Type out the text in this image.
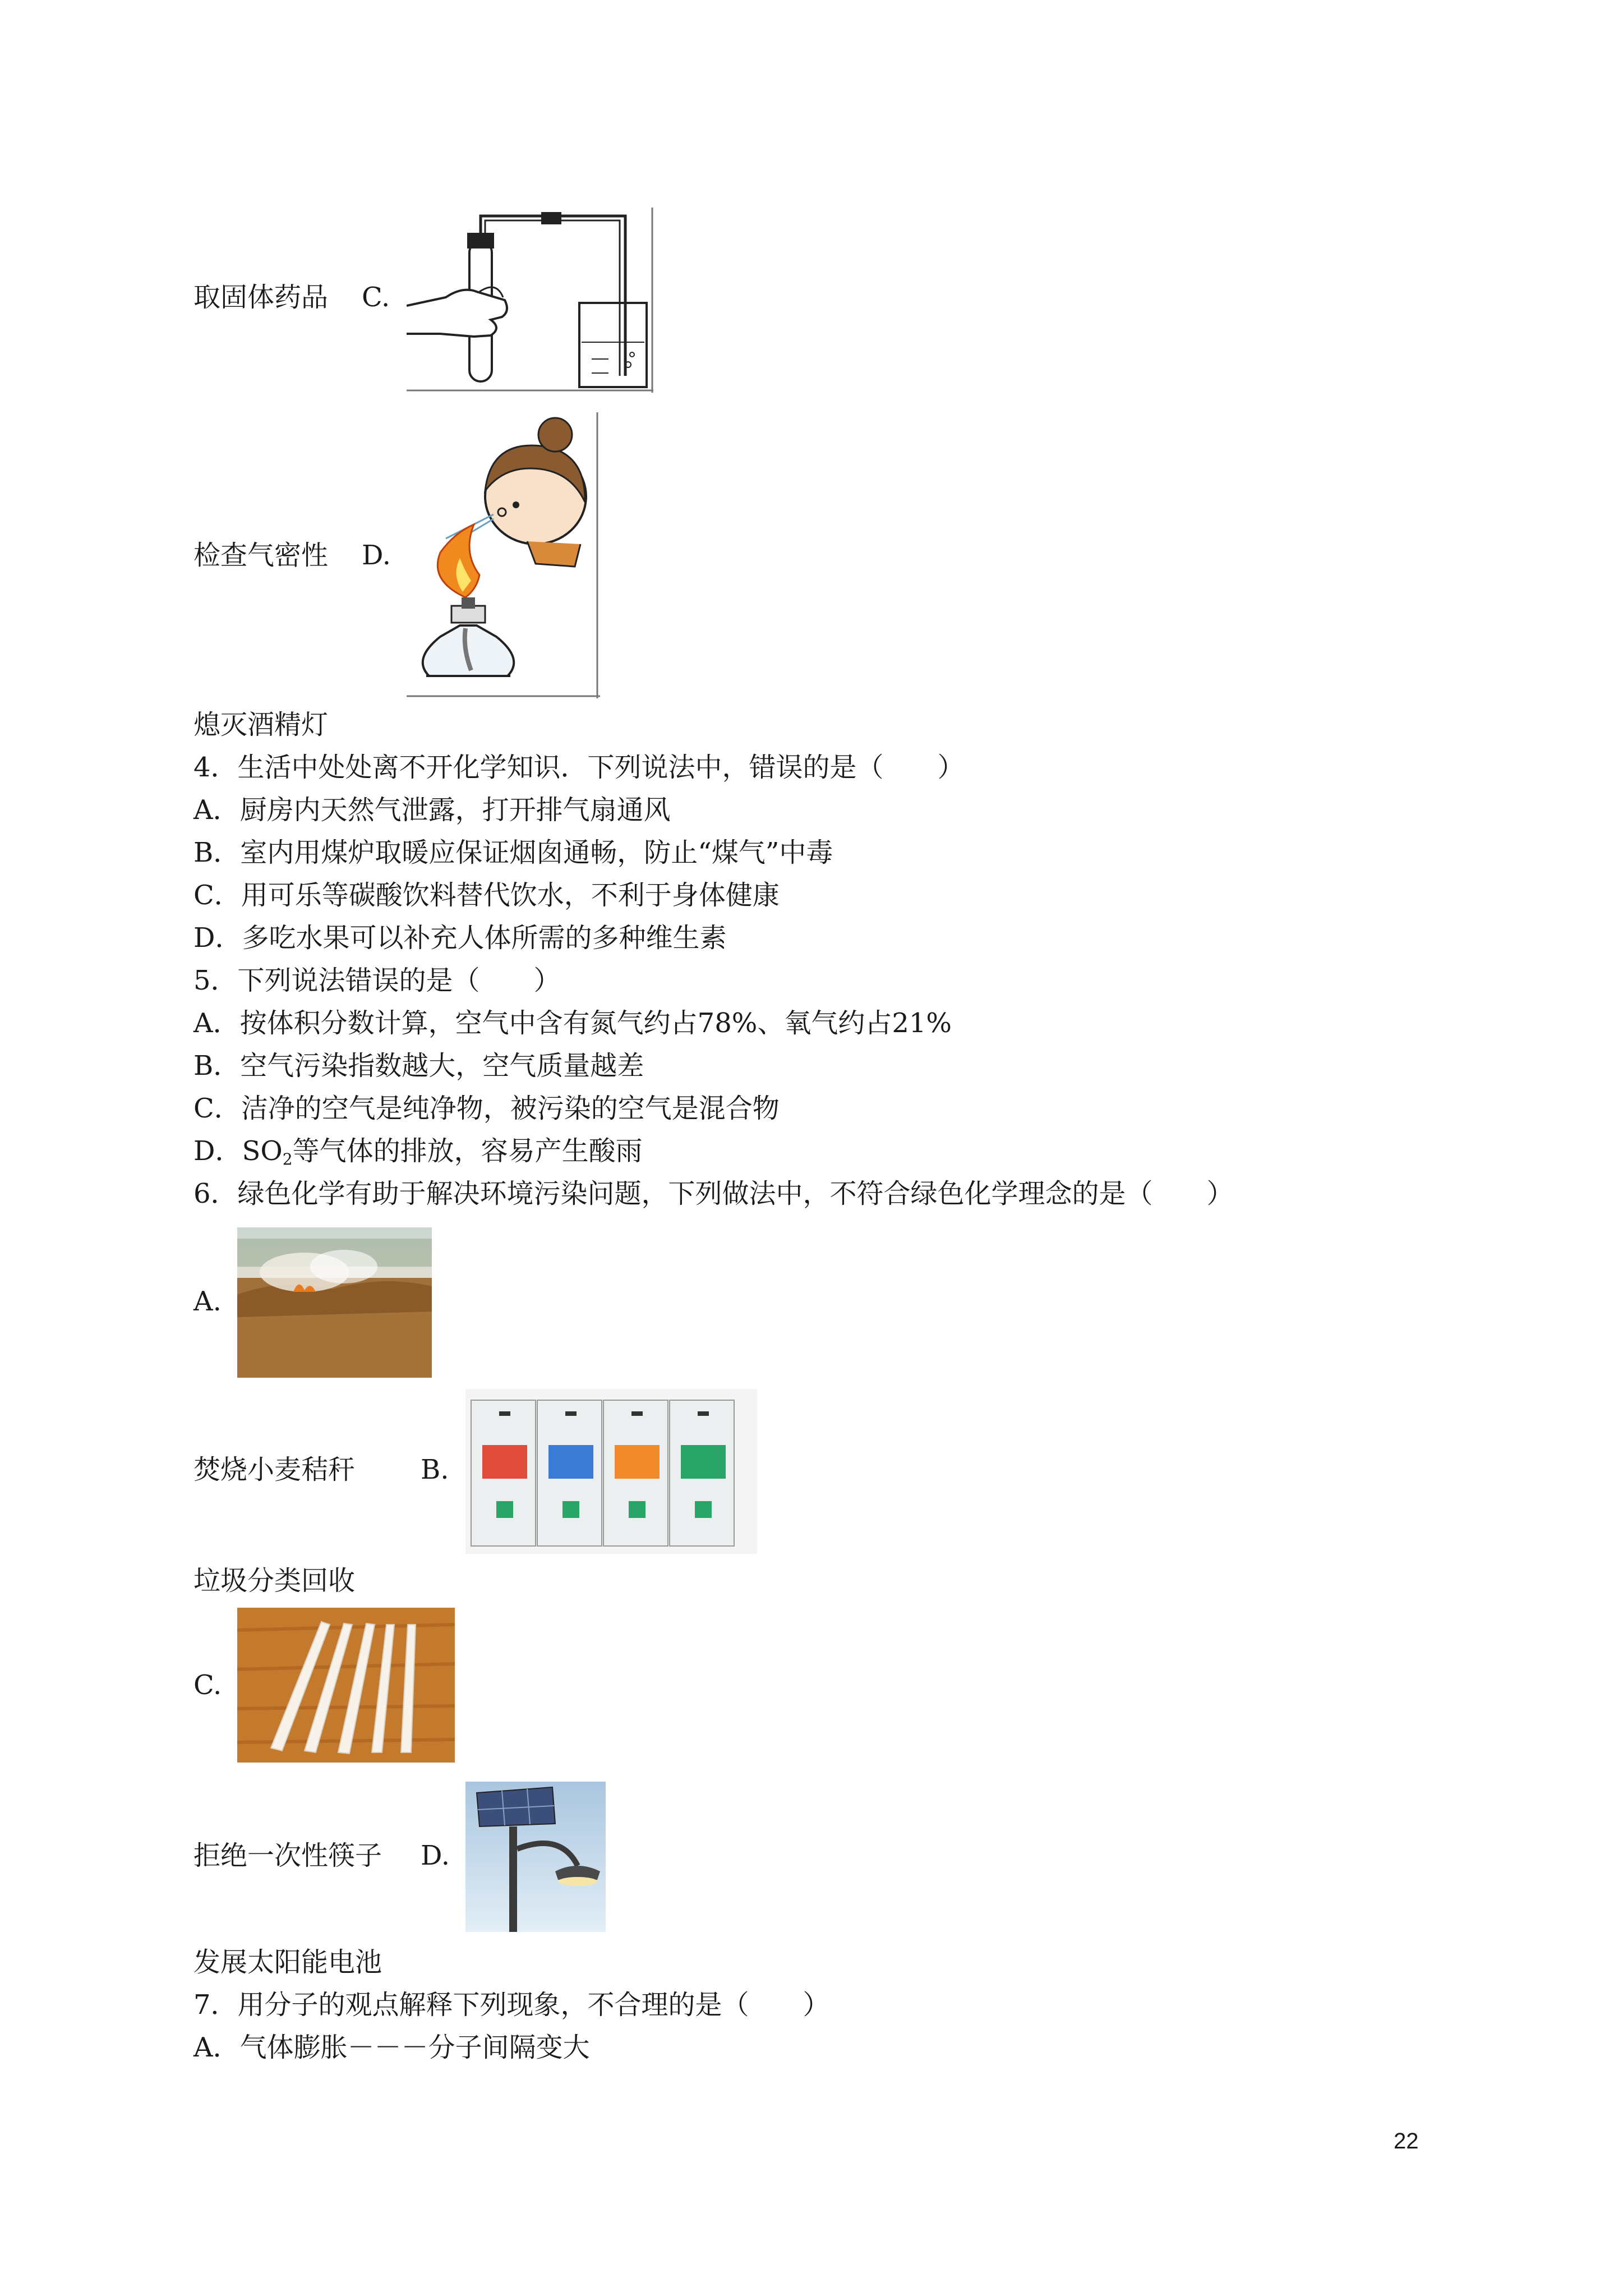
取固体药品 C.
检查气密性 D.
熄灭酒精灯
4．生活中处处离不开化学知识．下列说法中，错误的是（　　）
A．厨房内天然气泄露，打开排气扇通风
B．室内用煤炉取暖应保证烟囱通畅，防止“煤气”中毒
C．用可乐等碳酸饮料替代饮水，不利于身体健康
D．多吃水果可以补充人体所需的多种维生素
5．下列说法错误的是（　　）
A．按体积分数计算，空气中含有氮气约占78%、氧气约占21%
B．空气污染指数越大，空气质量越差
C．洁净的空气是纯净物，被污染的空气是混合物
D．$SO_2$等气体的排放，容易产生酸雨
6．绿色化学有助于解决环境污染问题，下列做法中，不符合绿色化学理念的是（　　）
A.
焚烧小麦秸秆 B.
垃圾分类回收
C.
拒绝一次性筷子 D.
发展太阳能电池
7．用分子的观点解释下列现象，不合理的是（　　）
A．气体膨胀－－－分子间隔变大
22
